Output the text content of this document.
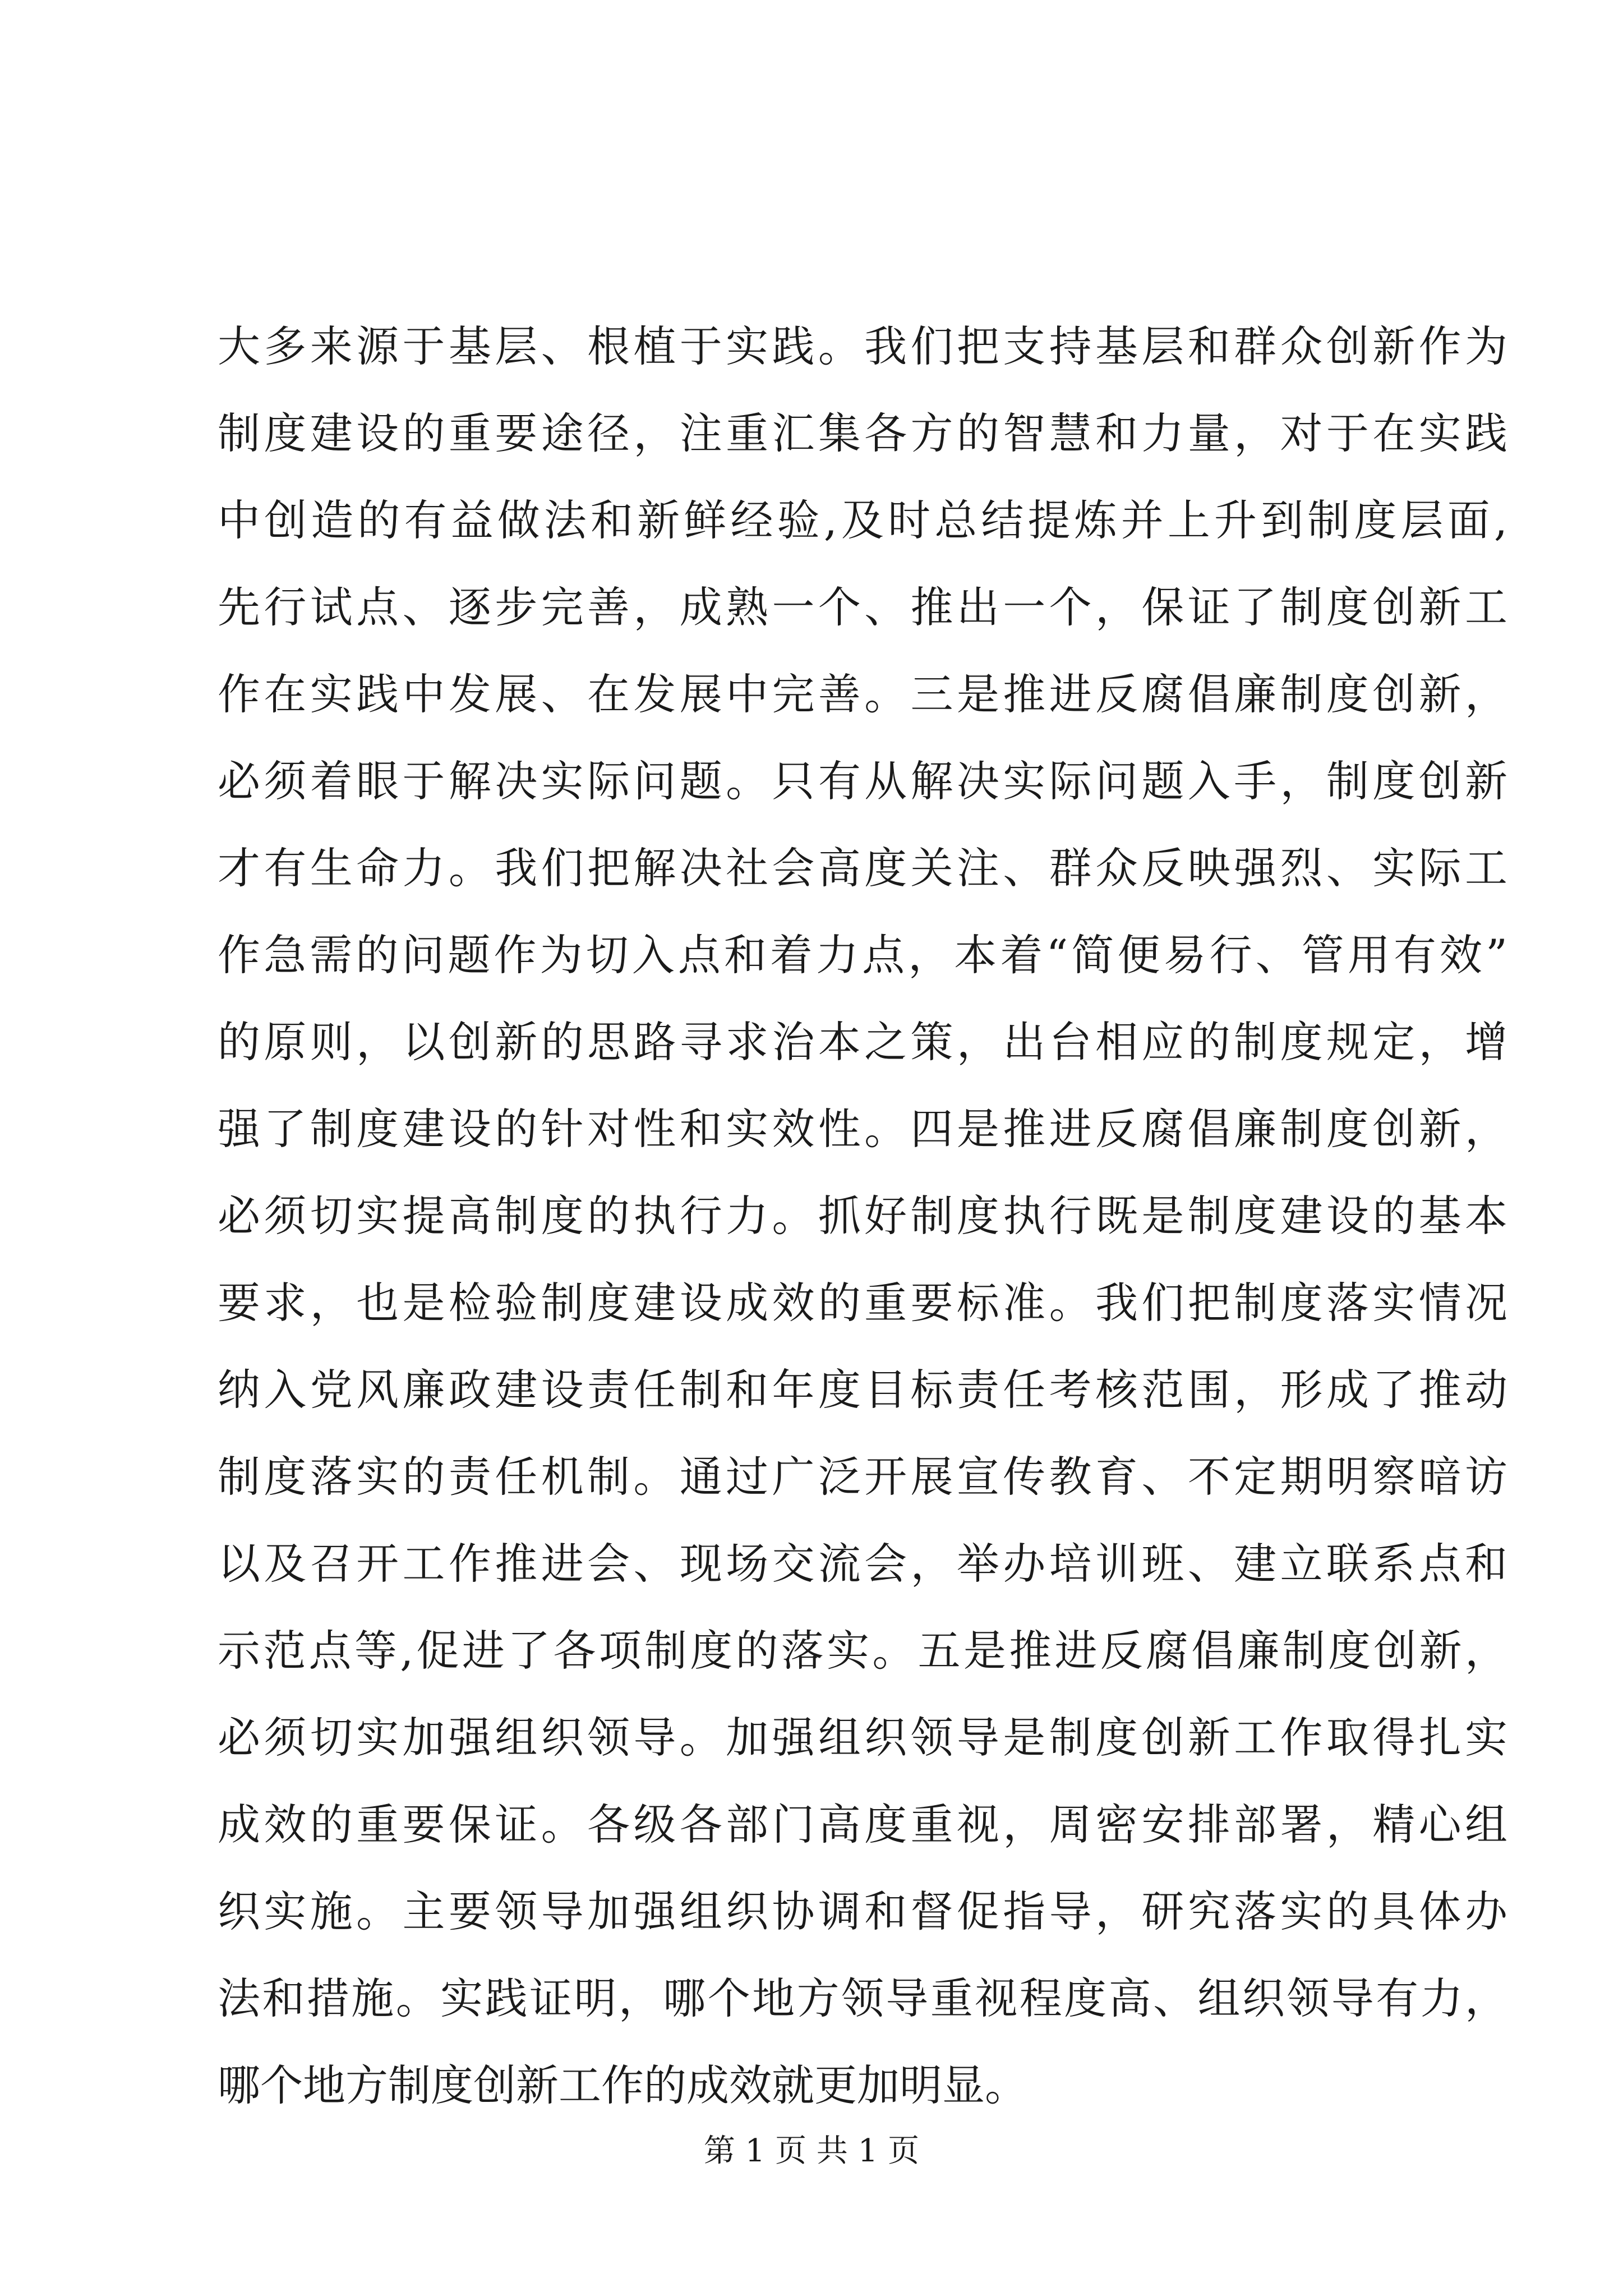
大多来源于基层、根植于实践。我们把支持基层和群众创新作为
制度建设的重要途径，注重汇集各方的智慧和力量，对于在实践
中创造的有益做法和新鲜经验,及时总结提炼并上升到制度层面,
先行试点、逐步完善，成熟一个、推出一个，保证了制度创新工
作在实践中发展、在发展中完善。三是推进反腐倡廉制度创新，
必须着眼于解决实际问题。只有从解决实际问题入手，制度创新
才有生命力。我们把解决社会高度关注、群众反映强烈、实际工
作急需的问题作为切入点和着力点，本着“简便易行、管用有效”
的原则，以创新的思路寻求治本之策，出台相应的制度规定，增
强了制度建设的针对性和实效性。四是推进反腐倡廉制度创新，
必须切实提高制度的执行力。抓好制度执行既是制度建设的基本
要求，也是检验制度建设成效的重要标准。我们把制度落实情况
纳入党风廉政建设责任制和年度目标责任考核范围，形成了推动
制度落实的责任机制。通过广泛开展宣传教育、不定期明察暗访
以及召开工作推进会、现场交流会，举办培训班、建立联系点和
示范点等,促进了各项制度的落实。五是推进反腐倡廉制度创新，
必须切实加强组织领导。加强组织领导是制度创新工作取得扎实
成效的重要保证。各级各部门高度重视，周密安排部署，精心组
织实施。主要领导加强组织协调和督促指导，研究落实的具体办
法和措施。实践证明，哪个地方领导重视程度高、组织领导有力，
哪个地方制度创新工作的成效就更加明显。
第 1 页 共 1 页
